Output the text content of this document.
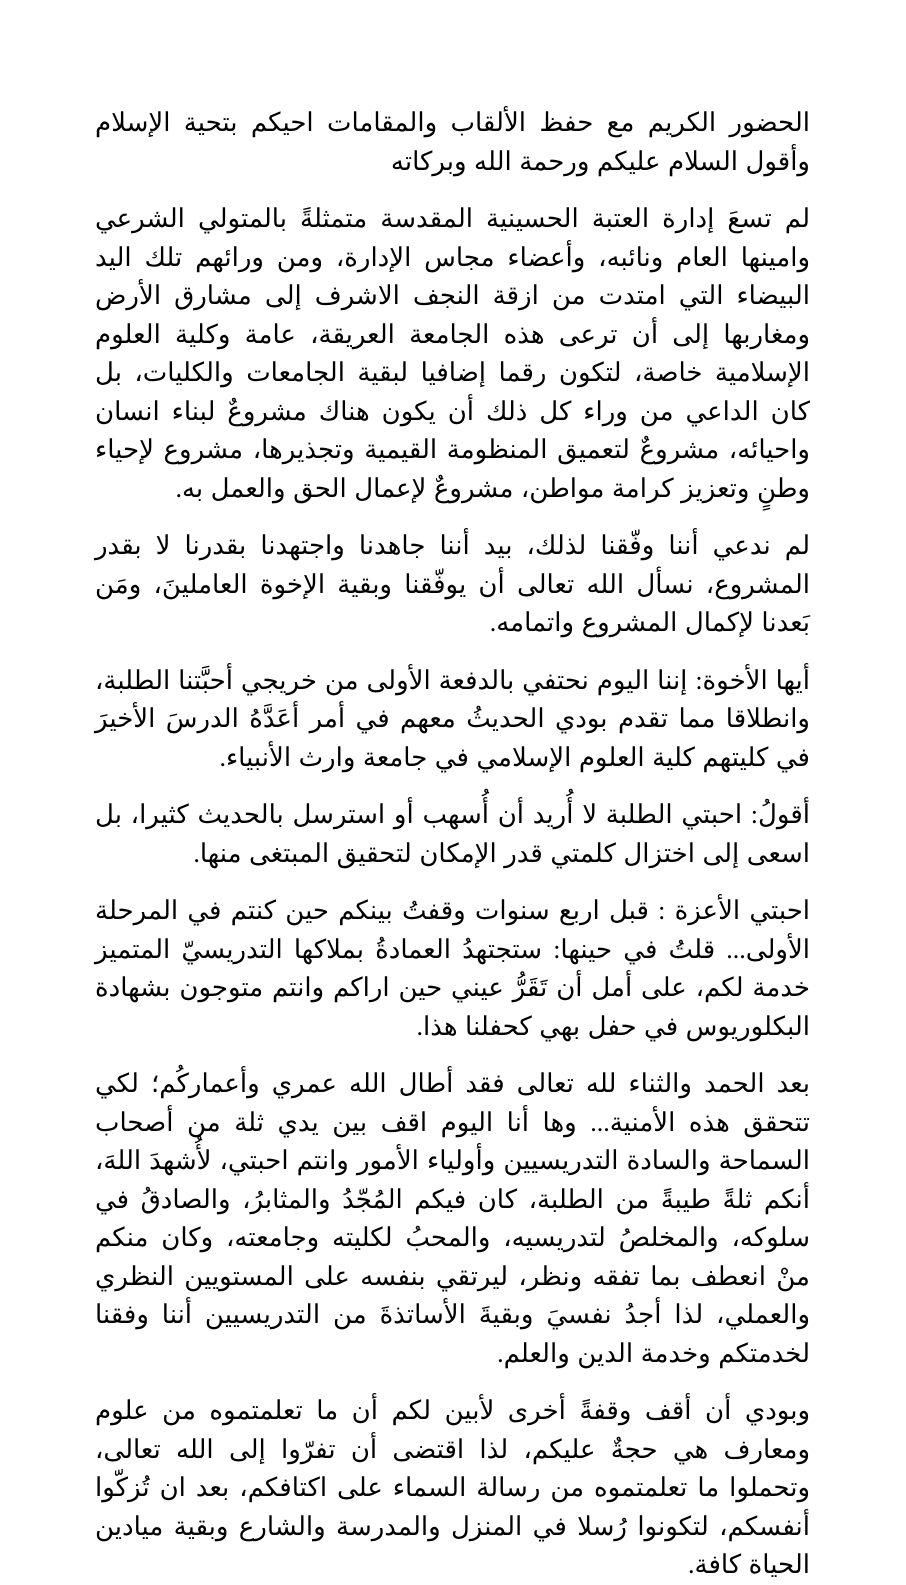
الحضور الكريم مع حفظ الألقاب والمقامات احيكم بتحية الإسلام وأقول السلام عليكم ورحمة الله وبركاته

لم تسعَ إدارة العتبة الحسينية المقدسة متمثلةً بالمتولي الشرعي وامينها العام ونائبه، وأعضاء مجاس الإدارة، ومن ورائهم تلك اليد البيضاء التي امتدت من ازقة النجف الاشرف إلى مشارق الأرض ومغاربها إلى أن ترعى هذه الجامعة العريقة، عامة وكلية العلوم الإسلامية خاصة، لتكون رقما إضافيا لبقية الجامعات والكليات، بل كان الداعي من وراء كل ذلك أن يكون هناك مشروعٌ لبناء انسان واحيائه، مشروعٌ لتعميق المنظومة القيمية وتجذيرها، مشروع لإحياء وطنٍ وتعزيز كرامة مواطن، مشروعٌ لإعمال الحق والعمل به.

لم ندعي أننا وفّقنا لذلك، بيد أننا جاهدنا واجتهدنا بقدرنا لا بقدر المشروع، نسأل الله تعالى أن يوفّقنا وبقية الإخوة العاملينَ، ومَن بَعدنا لإكمال المشروع واتمامه.

أيها الأخوة: إننا اليوم نحتفي بالدفعة الأولى من خريجي أحبَّتنا الطلبة، وانطلاقا مما تقدم بودي الحديثُ معهم في أمر أعَدَّهُ الدرسَ الأخيرَ في كليتهم كلية العلوم الإسلامي في جامعة وارث الأنبياء.

أقولُ: احبتي الطلبة لا أُريد أن أُسهب أو استرسل بالحديث كثيرا، بل اسعى إلى اختزال كلمتي قدر الإمكان لتحقيق المبتغى منها.

احبتي الأعزة : قبل اربع سنوات وقفتُ بينكم حين كنتم في المرحلة الأولى... قلتُ في حينها: ستجتهدُ العمادةُ بملاكها التدريسيّ المتميز خدمة لكم، على أمل أن تَقَرُّ عيني حين اراكم وانتم متوجون بشهادة البكلوريوس في حفل بهي كحفلنا هذا.

بعد الحمد والثناء لله تعالى فقد أطال الله عمري وأعماركُم؛ لكي تتحقق هذه الأمنية... وها أنا اليوم اقف بين يدي ثلة من أصحاب السماحة والسادة التدريسيين وأولياء الأمور وانتم احبتي، لأُشهدَ اللهَ، أنكم ثلةً طيبةً من الطلبة، كان فيكم المُجّدُ والمثابرُ، والصادقُ في سلوكه، والمخلصُ لتدريسيه، والمحبُ لكليته وجامعته، وكان منكم منْ انعطف بما تفقه ونظر، ليرتقي بنفسه على المستويين النظري والعملي، لذا أجدُ نفسيَ وبقيةَ الأساتذةَ من التدريسيين أننا وفقنا لخدمتكم وخدمة الدين والعلم.

وبودي أن أقف وقفةً أخرى لأبين لكم أن ما تعلمتموه من علوم ومعارف هي حجةٌ عليكم، لذا اقتضى أن تفرّوا إلى الله تعالى، وتحملوا ما تعلمتموه من رسالة السماء على اكتافكم، بعد ان تُزكّوا أنفسكم، لتكونوا رُسلا في المنزل والمدرسة والشارع وبقية ميادين الحياة كافة.
